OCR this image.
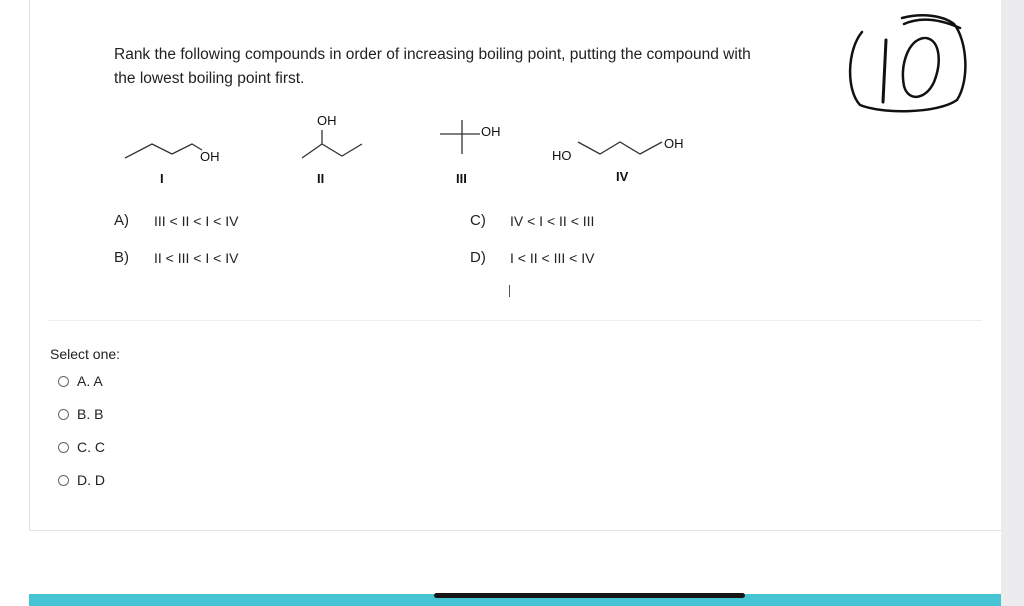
Rank the following compounds in order of increasing boiling point, putting the compound with
the lowest boiling point first.
OH
OH
OH
HO
OH
I	II	III	IV
A) III < II < I < IV
B) II < III < I < IV
C) IV < I < II < III
D) I < II < III < IV
Select one:
A. A
B. B
C. C
D. D
